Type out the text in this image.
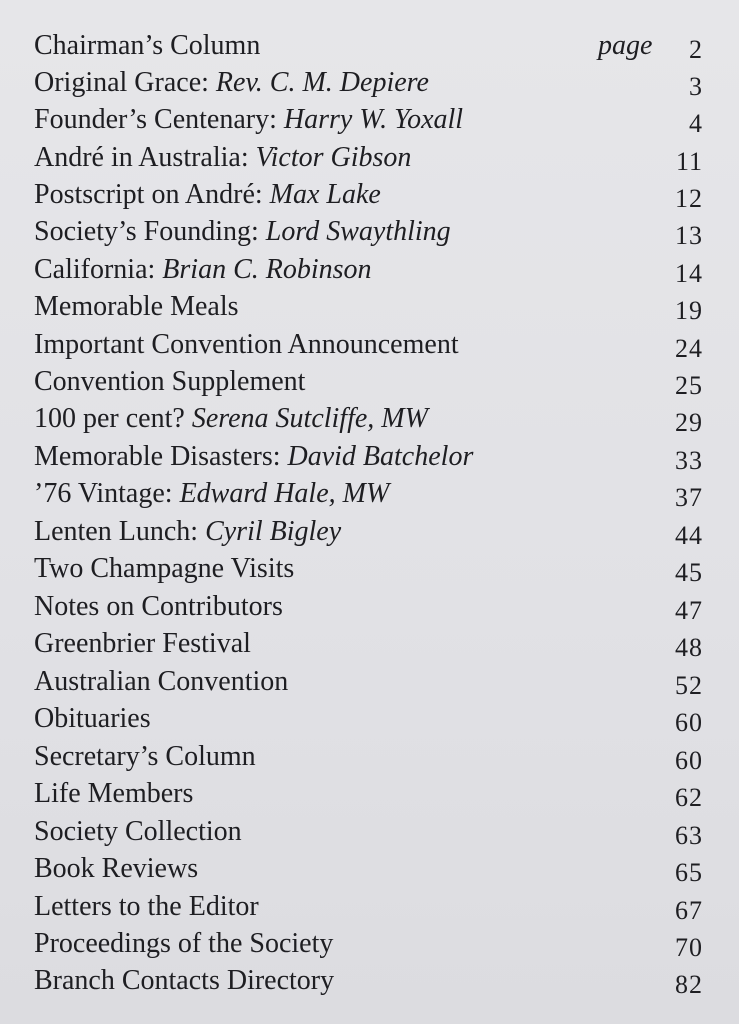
Chairman’s Column	page 2
Original Grace: Rev. C. M. Depiere	3
Founder’s Centenary: Harry W. Yoxall	4
André in Australia: Victor Gibson	11
Postscript on André: Max Lake	12
Society’s Founding: Lord Swaythling	13
California: Brian C. Robinson	14
Memorable Meals	19
Important Convention Announcement	24
Convention Supplement	25
100 per cent? Serena Sutcliffe, MW	29
Memorable Disasters: David Batchelor	33
’76 Vintage: Edward Hale, MW	37
Lenten Lunch: Cyril Bigley	44
Two Champagne Visits	45
Notes on Contributors	47
Greenbrier Festival	48
Australian Convention	52
Obituaries	60
Secretary’s Column	60
Life Members	62
Society Collection	63
Book Reviews	65
Letters to the Editor	67
Proceedings of the Society	70
Branch Contacts Directory	82
